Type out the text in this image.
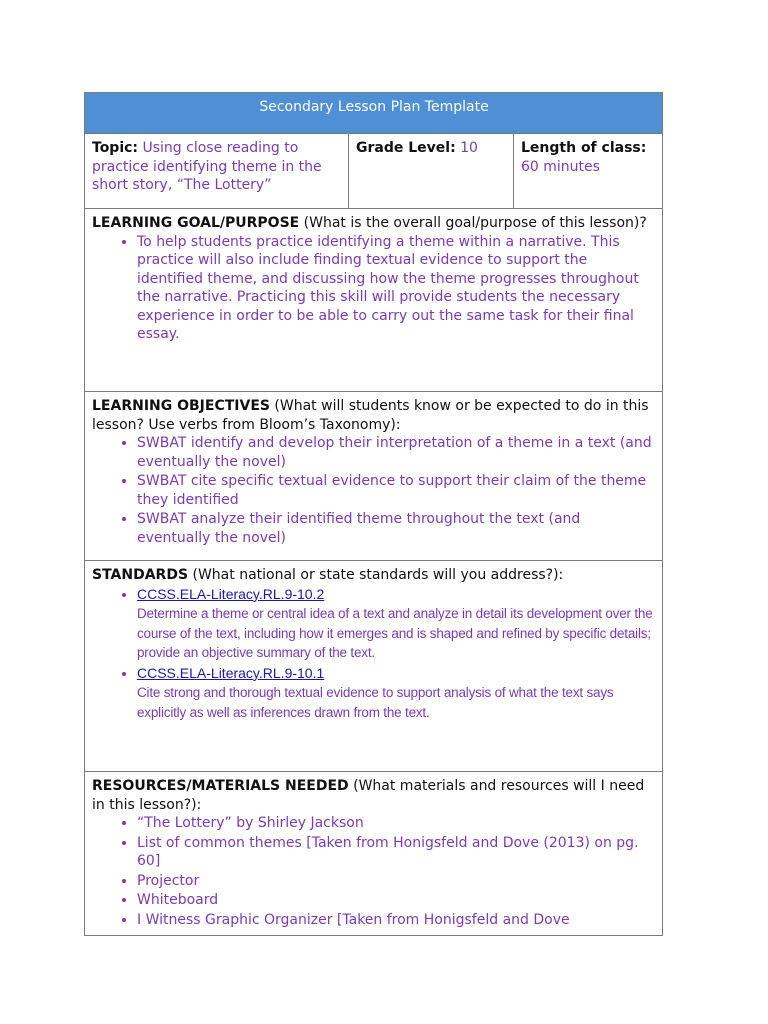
Secondary Lesson Plan Template
Topic: Using close reading to practice identifying theme in the short story, “The Lottery”	Grade Level: 10	Length of class:
60 minutes
LEARNING GOAL/PURPOSE (What is the overall goal/purpose of this lesson)?
• To help students practice identifying a theme within a narrative. This practice will also include finding textual evidence to support the identified theme, and discussing how the theme progresses throughout the narrative. Practicing this skill will provide students the necessary experience in order to be able to carry out the same task for their final essay.

LEARNING OBJECTIVES (What will students know or be expected to do in this lesson? Use verbs from Bloom’s Taxonomy):
• SWBAT identify and develop their interpretation of a theme in a text (and eventually the novel)
• SWBAT cite specific textual evidence to support their claim of the theme they identified
• SWBAT analyze their identified theme throughout the text (and eventually the novel)

STANDARDS (What national or state standards will you address?):
• CCSS.ELA-Literacy.RL.9-10.2
Determine a theme or central idea of a text and analyze in detail its development over the course of the text, including how it emerges and is shaped and refined by specific details; provide an objective summary of the text.
• CCSS.ELA-Literacy.RL.9-10.1
Cite strong and thorough textual evidence to support analysis of what the text says explicitly as well as inferences drawn from the text.

RESOURCES/MATERIALS NEEDED (What materials and resources will I need in this lesson?):
• “The Lottery” by Shirley Jackson
• List of common themes [Taken from Honigsfeld and Dove (2013) on pg. 60]
• Projector
• Whiteboard
• I Witness Graphic Organizer [Taken from Honigsfeld and Dove
